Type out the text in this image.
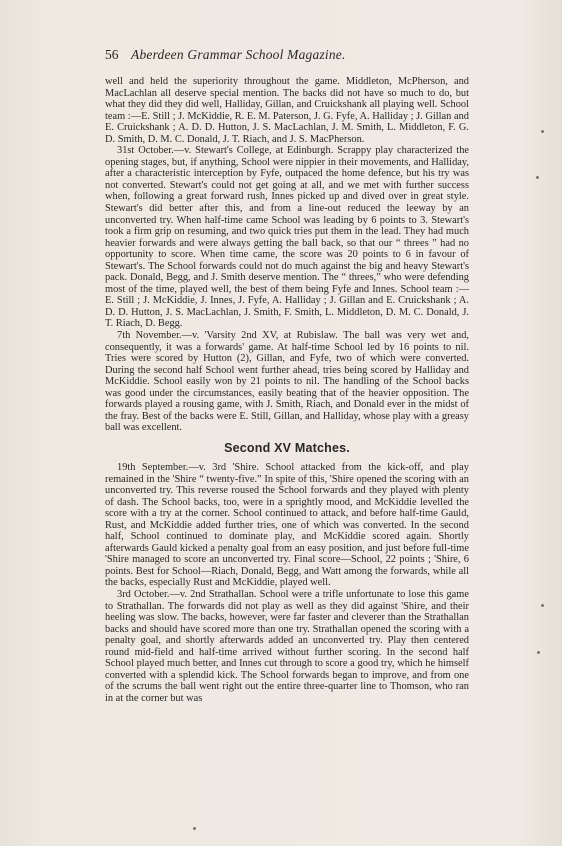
56 Aberdeen Grammar School Magazine.

well and held the superiority throughout the game. Middleton, McPherson, and MacLachlan all deserve special mention. The backs did not have so much to do, but what they did they did well, Halliday, Gillan, and Cruickshank all playing well. School team :—E. Still ; J. McKiddie, R. E. M. Paterson, J. G. Fyfe, A. Halliday ; J. Gillan and E. Cruickshank ; A. D. D. Hutton, J. S. MacLachlan, J. M. Smith, L. Middleton, F. G. D. Smith, D. M. C. Donald, J. T. Riach, and J. S. MacPherson.

31st October.—v. Stewart's College, at Edinburgh. Scrappy play characterized the opening stages, but, if anything, School were nippier in their movements, and Halliday, after a characteristic interception by Fyfe, outpaced the home defence, but his try was not converted. Stewart's could not get going at all, and we met with further success when, following a great forward rush, Innes picked up and dived over in great style. Stewart's did better after this, and from a line-out reduced the leeway by an unconverted try. When half-time came School was leading by 6 points to 3. Stewart's took a firm grip on resuming, and two quick tries put them in the lead. They had much heavier forwards and were always getting the ball back, so that our “ threes ” had no opportunity to score. When time came, the score was 20 points to 6 in favour of Stewart's. The School forwards could not do much against the big and heavy Stewart's pack. Donald, Begg, and J. Smith deserve mention. The “ threes,” who were defending most of the time, played well, the best of them being Fyfe and Innes. School team :—E. Still ; J. McKiddie, J. Innes, J. Fyfe, A. Halliday ; J. Gillan and E. Cruickshank ; A. D. D. Hutton, J. S. MacLachlan, J. Smith, F. Smith, L. Middleton, D. M. C. Donald, J. T. Riach, D. Begg.

7th November.—v. 'Varsity 2nd XV, at Rubislaw. The ball was very wet and, consequently, it was a forwards' game. At half-time School led by 16 points to nil. Tries were scored by Hutton (2), Gillan, and Fyfe, two of which were converted. During the second half School went further ahead, tries being scored by Halliday and McKiddie. School easily won by 21 points to nil. The handling of the School backs was good under the circumstances, easily beating that of the heavier opposition. The forwards played a rousing game, with J. Smith, Riach, and Donald ever in the midst of the fray. Best of the backs were E. Still, Gillan, and Halliday, whose play with a greasy ball was excellent.

Second XV Matches.

19th September.—v. 3rd 'Shire. School attacked from the kick-off, and play remained in the 'Shire “ twenty-five.” In spite of this, 'Shire opened the scoring with an unconverted try. This reverse roused the School forwards and they played with plenty of dash. The School backs, too, were in a sprightly mood, and McKiddie levelled the score with a try at the corner. School continued to attack, and before half-time Gauld, Rust, and McKiddie added further tries, one of which was converted. In the second half, School continued to dominate play, and McKiddie scored again. Shortly afterwards Gauld kicked a penalty goal from an easy position, and just before full-time 'Shire managed to score an unconverted try. Final score—School, 22 points ; 'Shire, 6 points. Best for School—Riach, Donald, Begg, and Watt among the forwards, while all the backs, especially Rust and McKiddie, played well.

3rd October.—v. 2nd Strathallan. School were a trifle unfortunate to lose this game to Strathallan. The forwards did not play as well as they did against 'Shire, and their heeling was slow. The backs, however, were far faster and cleverer than the Strathallan backs and should have scored more than one try. Strathallan opened the scoring with a penalty goal, and shortly afterwards added an unconverted try. Play then centered round mid-field and half-time arrived without further scoring. In the second half School played much better, and Innes cut through to score a good try, which he himself converted with a splendid kick. The School forwards began to improve, and from one of the scrums the ball went right out the entire three-quarter line to Thomson, who ran in at the corner but was
